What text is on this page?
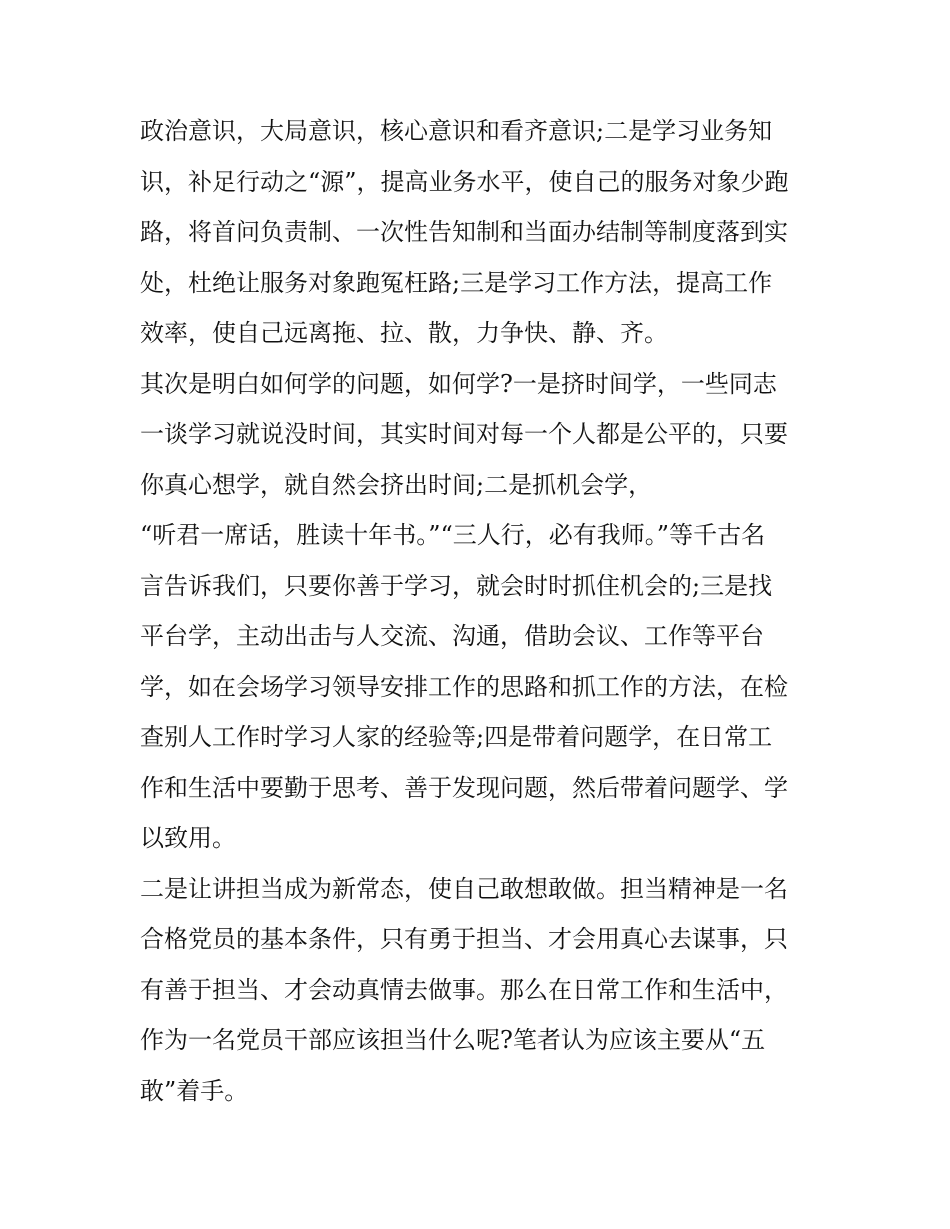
政治意识，大局意识，核心意识和看齐意识;二是学习业务知
识，补足行动之“源”，提高业务水平，使自己的服务对象少跑
路，将首问负责制、一次性告知制和当面办结制等制度落到实
处，杜绝让服务对象跑冤枉路;三是学习工作方法，提高工作
效率，使自己远离拖、拉、散，力争快、静、齐。
其次是明白如何学的问题，如何学?一是挤时间学，一些同志
一谈学习就说没时间，其实时间对每一个人都是公平的，只要
你真心想学，就自然会挤出时间;二是抓机会学，
“听君一席话，胜读十年书。”“三人行，必有我师。”等千古名
言告诉我们，只要你善于学习，就会时时抓住机会的;三是找
平台学，主动出击与人交流、沟通，借助会议、工作等平台
学，如在会场学习领导安排工作的思路和抓工作的方法，在检
查别人工作时学习人家的经验等;四是带着问题学，在日常工
作和生活中要勤于思考、善于发现问题，然后带着问题学、学
以致用。
二是让讲担当成为新常态，使自己敢想敢做。担当精神是一名
合格党员的基本条件，只有勇于担当、才会用真心去谋事，只
有善于担当、才会动真情去做事。那么在日常工作和生活中，
作为一名党员干部应该担当什么呢?笔者认为应该主要从“五
敢”着手。
